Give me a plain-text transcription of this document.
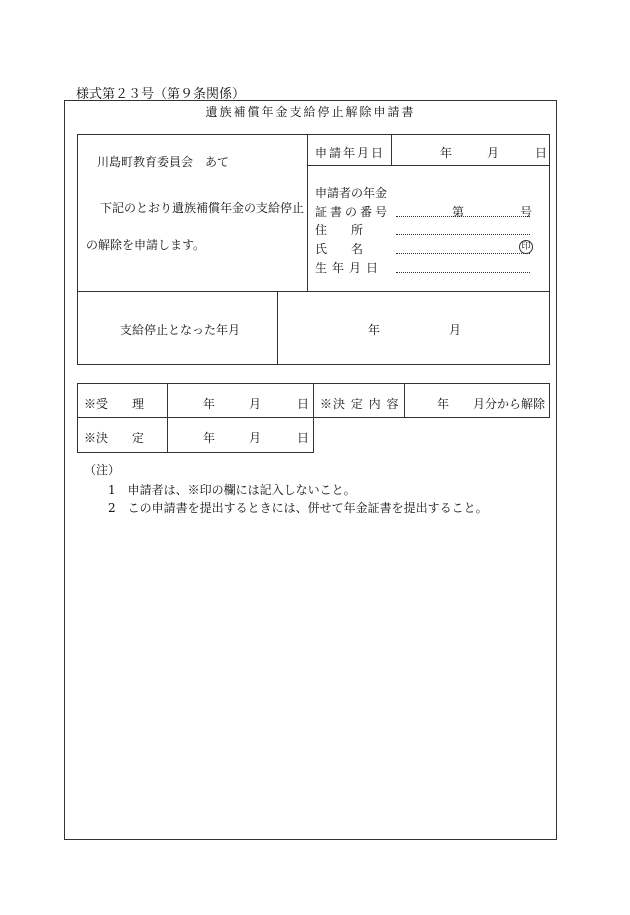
様式第２３号（第９条関係）
遺族補償年金支給停止解除申請書
川島町教育委員会　あて
下記のとおり遺族補償年金の支給停止
の解除を申請します。
申請年月日	年	月	日
申請者の年金
証書の番号	第	号
住　　所
氏　　名	印
生年月日
支給停止となった年月	年	月
※受　　理	年	月	日 ※決 定 内 容	年　　月分から解除
※決　　定	年	月	日
（注）
1　申請者は、※印の欄には記入しないこと。
2　この申請書を提出するときには、併せて年金証書を提出すること。
